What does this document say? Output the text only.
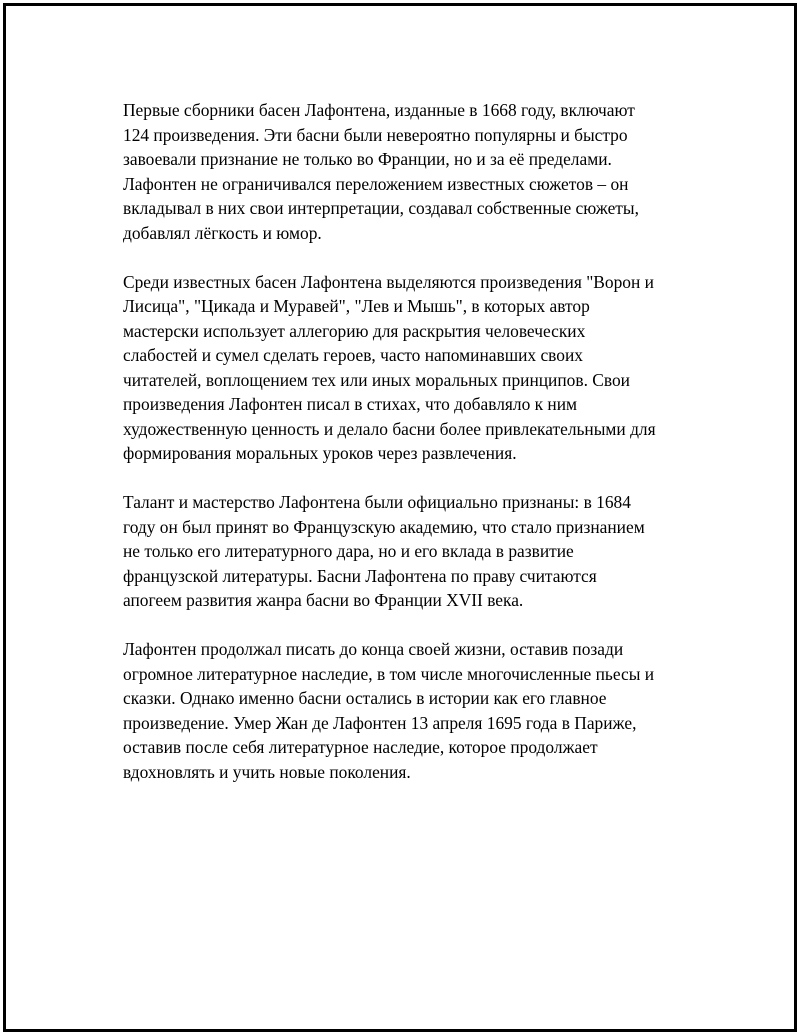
Первые сборники басен Лафонтена, изданные в 1668 году, включают
124 произведения. Эти басни были невероятно популярны и быстро
завоевали признание не только во Франции, но и за её пределами.
Лафонтен не ограничивался переложением известных сюжетов – он
вкладывал в них свои интерпретации, создавал собственные сюжеты,
добавлял лёгкость и юмор.

Среди известных басен Лафонтена выделяются произведения "Ворон и
Лисица", "Цикада и Муравей", "Лев и Мышь", в которых автор
мастерски использует аллегорию для раскрытия человеческих
слабостей и сумел сделать героев, часто напоминавших своих
читателей, воплощением тех или иных моральных принципов. Свои
произведения Лафонтен писал в стихах, что добавляло к ним
художественную ценность и делало басни более привлекательными для
формирования моральных уроков через развлечения.

Талант и мастерство Лафонтена были официально признаны: в 1684
году он был принят во Французскую академию, что стало признанием
не только его литературного дара, но и его вклада в развитие
французской литературы. Басни Лафонтена по праву считаются
апогеем развития жанра басни во Франции XVII века.

Лафонтен продолжал писать до конца своей жизни, оставив позади
огромное литературное наследие, в том числе многочисленные пьесы и
сказки. Однако именно басни остались в истории как его главное
произведение. Умер Жан де Лафонтен 13 апреля 1695 года в Париже,
оставив после себя литературное наследие, которое продолжает
вдохновлять и учить новые поколения.
